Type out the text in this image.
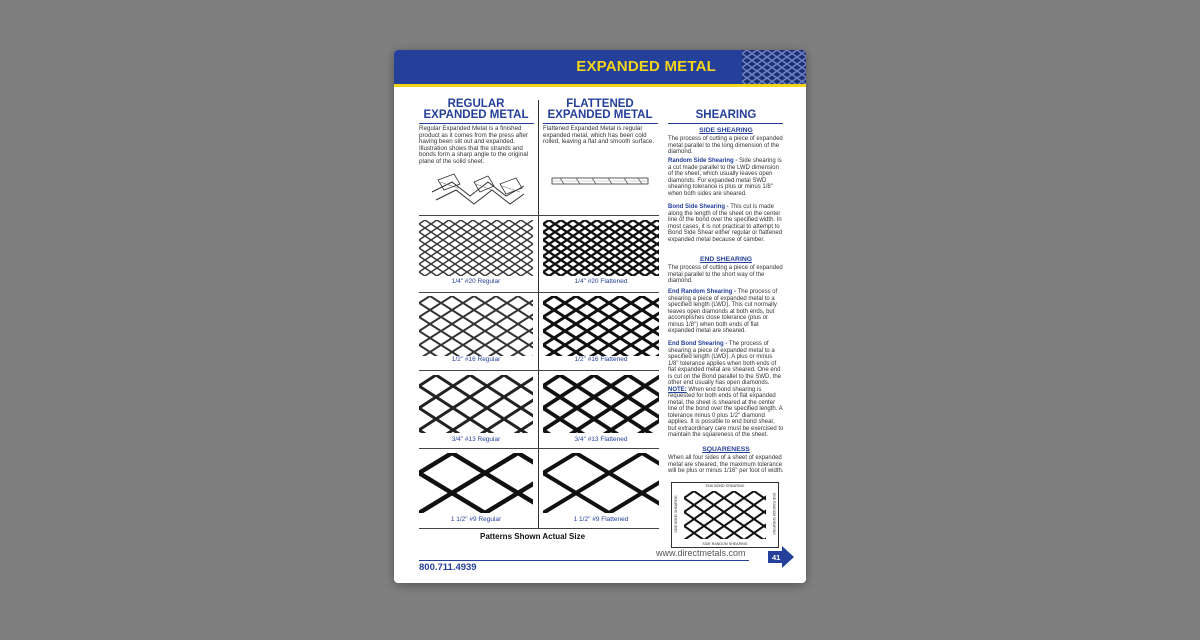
EXPANDED METAL
REGULAR
EXPANDED METAL
FLATTENED
EXPANDED METAL	SHEARING
Regular Expanded Metal is a finished product as it comes from the press after having been slit out and expanded. Illustration shows that the strands and bonds form a sharp angle to the original plane of the solid sheet.
Flattened Expanded Metal is regular expanded metal, which has been cold rolled, leaving a flat and smooth surface.
1/4" #20 Regular	1/4" #20 Flattened
1/2" #16 Regular	1/2" #16 Flattened
3/4" #13 Regular	3/4" #13 Flattened
1 1/2" #9 Regular	1 1/2" #9 Flattened
SIDE SHEARING
The process of cutting a piece of expanded metal parallel to the long dimension of the diamond.
Random Side Shearing - Side shearing is a cut made parallel to the LWD dimension of the sheet, which usually leaves open diamonds. For expanded metal SWD shearing tolerance is plus or minus 1/8" when both sides are sheared.
Bond Side Shearing - This cut is made along the length of the sheet on the center line of the bond over the specified width. In most cases, it is not practical to attempt to Bond Side Shear either regular or flattened expanded metal because of camber.
END SHEARING
The process of cutting a piece of expanded metal parallel to the short way of the diamond.
End Random Shearing - The process of shearing a piece of expanded metal to a specified length (LWD). This cut normally leaves open diamonds at both ends, but accomplishes close tolerance (plus or minus 1/8") when both ends of flat expanded metal are sheared.
End Bond Shearing - The process of shearing a piece of expanded metal to a specified length (LWD). A plus or minus 1/8" tolerance applies when both ends of flat expanded metal are sheared. One end is cut on the Bond parallel to the SWD, the other end usually has open diamonds. NOTE: When end bond shearing is requested for both ends of flat expanded metal, the sheet is sheared at the center line of the bond over the specified length. A tolerance minus 0 plus 1/2" diamond applies. It is possible to end bond shear, but extraordinary care must be exercised to maintain the squareness of the sheet.
SQUARENESS
When all four sides of a sheet of expanded metal are sheared, the maximum tolerance will be plus or minus 1/16" per foot of width.
END BOND SHEARING
SIDE RANDOM SHEARING
SIDE BOND SHEARING	END RANDOM SHEARING
Patterns Shown Actual Size
www.directmetals.com
800.711.4939
41
